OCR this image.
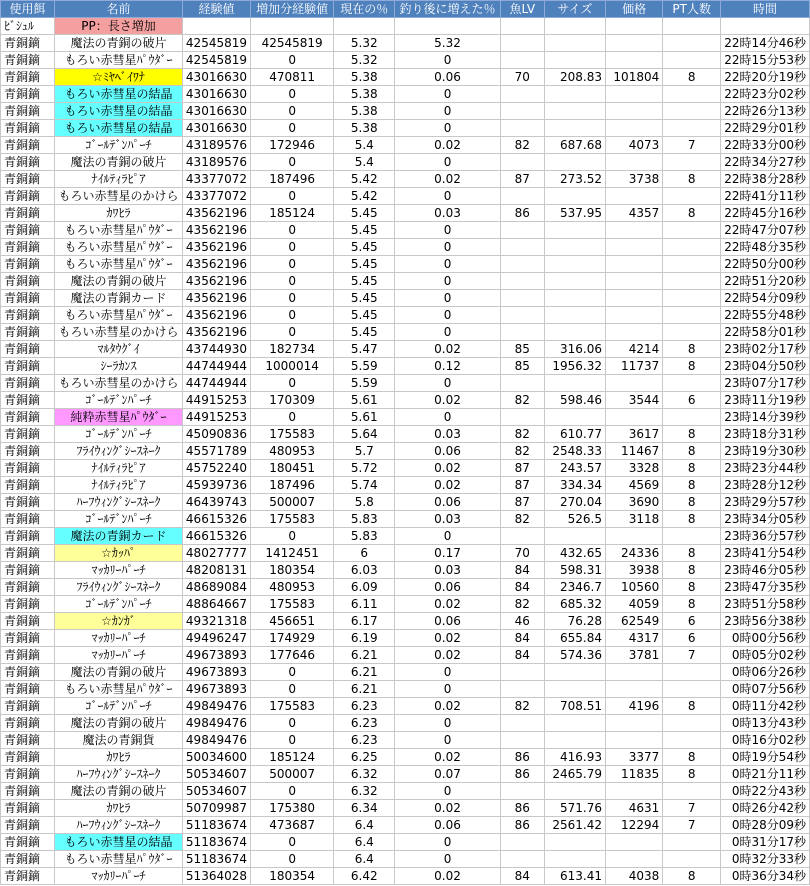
使用餌	名前	経験値	増加分経験値	現在の％	釣り後に増えた％	魚LV	サイズ	価格	PT人数	時間
ﾋﾞｼｭﾙ	PP：長さ増加									
青銅鏑	魔法の青銅の破片	42545819	42545819	5.32	5.32					22時14分46秒
青銅鏑	もろい赤彗星ﾊﾟｳﾀﾞｰ	42545819	0	5.32	0					22時15分53秒
青銅鏑	☆ﾐﾔﾍﾞｲﾜﾅ	43016630	470811	5.38	0.06	70	208.83	101804	8	22時20分19秒
青銅鏑	もろい赤彗星の結晶	43016630	0	5.38	0					22時23分02秒
青銅鏑	もろい赤彗星の結晶	43016630	0	5.38	0					22時26分13秒
青銅鏑	もろい赤彗星の結晶	43016630	0	5.38	0					22時29分01秒
青銅鏑	ｺﾞｰﾙﾃﾞﾝﾊﾟｰﾁ	43189576	172946	5.4	0.02	82	687.68	4073	7	22時33分00秒
青銅鏑	魔法の青銅の破片	43189576	0	5.4	0					22時34分27秒
青銅鏑	ﾅｲﾙﾃｨﾗﾋﾟｱ	43377072	187496	5.42	0.02	87	273.52	3738	8	22時38分28秒
青銅鏑	もろい赤彗星のかけら	43377072	0	5.42	0					22時41分11秒
青銅鏑	ｶﾜﾋﾗ	43562196	185124	5.45	0.03	86	537.95	4357	8	22時45分16秒
青銅鏑	もろい赤彗星ﾊﾟｳﾀﾞｰ	43562196	0	5.45	0					22時47分07秒
青銅鏑	もろい赤彗星ﾊﾟｳﾀﾞｰ	43562196	0	5.45	0					22時48分35秒
青銅鏑	もろい赤彗星ﾊﾟｳﾀﾞｰ	43562196	0	5.45	0					22時50分00秒
青銅鏑	魔法の青銅の破片	43562196	0	5.45	0					22時51分20秒
青銅鏑	魔法の青銅カード	43562196	0	5.45	0					22時54分09秒
青銅鏑	もろい赤彗星ﾊﾟｳﾀﾞｰ	43562196	0	5.45	0					22時55分48秒
青銅鏑	もろい赤彗星のかけら	43562196	0	5.45	0					22時58分01秒
青銅鏑	ﾏﾙﾀｳｸﾞｲ	43744930	182734	5.47	0.02	85	316.06	4214	8	23時02分17秒
青銅鏑	ｼｰﾗｶﾝｽ	44744944	1000014	5.59	0.12	85	1956.32	11737	8	23時04分50秒
青銅鏑	もろい赤彗星のかけら	44744944	0	5.59	0					23時07分17秒
青銅鏑	ｺﾞｰﾙﾃﾞﾝﾊﾟｰﾁ	44915253	170309	5.61	0.02	82	598.46	3544	6	23時11分19秒
青銅鏑	純粋赤彗星ﾊﾟｳﾀﾞｰ	44915253	0	5.61	0					23時14分39秒
青銅鏑	ｺﾞｰﾙﾃﾞﾝﾊﾟｰﾁ	45090836	175583	5.64	0.03	82	610.77	3617	8	23時18分31秒
青銅鏑	ﾌﾗｲｳｨﾝｸﾞｼｰｽﾈｰｸ	45571789	480953	5.7	0.06	82	2548.33	11467	8	23時19分30秒
青銅鏑	ﾅｲﾙﾃｨﾗﾋﾟｱ	45752240	180451	5.72	0.02	87	243.57	3328	8	23時23分44秒
青銅鏑	ﾅｲﾙﾃｨﾗﾋﾟｱ	45939736	187496	5.74	0.02	87	334.34	4569	8	23時28分12秒
青銅鏑	ﾊｰﾌｳｨﾝｸﾞｼｰｽﾈｰｸ	46439743	500007	5.8	0.06	87	270.04	3690	8	23時29分57秒
青銅鏑	ｺﾞｰﾙﾃﾞﾝﾊﾟｰﾁ	46615326	175583	5.83	0.03	82	526.5	3118	8	23時34分05秒
青銅鏑	魔法の青銅カード	46615326	0	5.83	0					23時36分57秒
青銅鏑	☆ｶｯﾊﾟ	48027777	1412451	6	0.17	70	432.65	24336	8	23時41分54秒
青銅鏑	ﾏｯｶﾘｰﾊﾟｰﾁ	48208131	180354	6.03	0.03	84	598.31	3938	8	23時46分05秒
青銅鏑	ﾌﾗｲｳｨﾝｸﾞｼｰｽﾈｰｸ	48689084	480953	6.09	0.06	84	2346.7	10560	8	23時47分35秒
青銅鏑	ｺﾞｰﾙﾃﾞﾝﾊﾟｰﾁ	48864667	175583	6.11	0.02	82	685.32	4059	8	23時51分58秒
青銅鏑	☆ｶﾝｶﾞ	49321318	456651	6.17	0.06	46	76.28	62549	6	23時56分38秒
青銅鏑	ﾏｯｶﾘｰﾊﾟｰﾁ	49496247	174929	6.19	0.02	84	655.84	4317	6	0時00分56秒
青銅鏑	ﾏｯｶﾘｰﾊﾟｰﾁ	49673893	177646	6.21	0.02	84	574.36	3781	7	0時05分02秒
青銅鏑	魔法の青銅の破片	49673893	0	6.21	0					0時06分26秒
青銅鏑	もろい赤彗星ﾊﾟｳﾀﾞｰ	49673893	0	6.21	0					0時07分56秒
青銅鏑	ｺﾞｰﾙﾃﾞﾝﾊﾟｰﾁ	49849476	175583	6.23	0.02	82	708.51	4196	8	0時11分42秒
青銅鏑	魔法の青銅の破片	49849476	0	6.23	0					0時13分43秒
青銅鏑	魔法の青銅貨	49849476	0	6.23	0					0時16分02秒
青銅鏑	ｶﾜﾋﾗ	50034600	185124	6.25	0.02	86	416.93	3377	8	0時19分54秒
青銅鏑	ﾊｰﾌｳｨﾝｸﾞｼｰｽﾈｰｸ	50534607	500007	6.32	0.07	86	2465.79	11835	8	0時21分11秒
青銅鏑	魔法の青銅の破片	50534607	0	6.32	0					0時22分43秒
青銅鏑	ｶﾜﾋﾗ	50709987	175380	6.34	0.02	86	571.76	4631	7	0時26分42秒
青銅鏑	ﾊｰﾌｳｨﾝｸﾞｼｰｽﾈｰｸ	51183674	473687	6.4	0.06	86	2561.42	12294	7	0時28分09秒
青銅鏑	もろい赤彗星の結晶	51183674	0	6.4	0					0時31分17秒
青銅鏑	もろい赤彗星ﾊﾟｳﾀﾞｰ	51183674	0	6.4	0					0時32分33秒
青銅鏑	ﾏｯｶﾘｰﾊﾟｰﾁ	51364028	180354	6.42	0.02	84	613.41	4038	8	0時36分34秒
